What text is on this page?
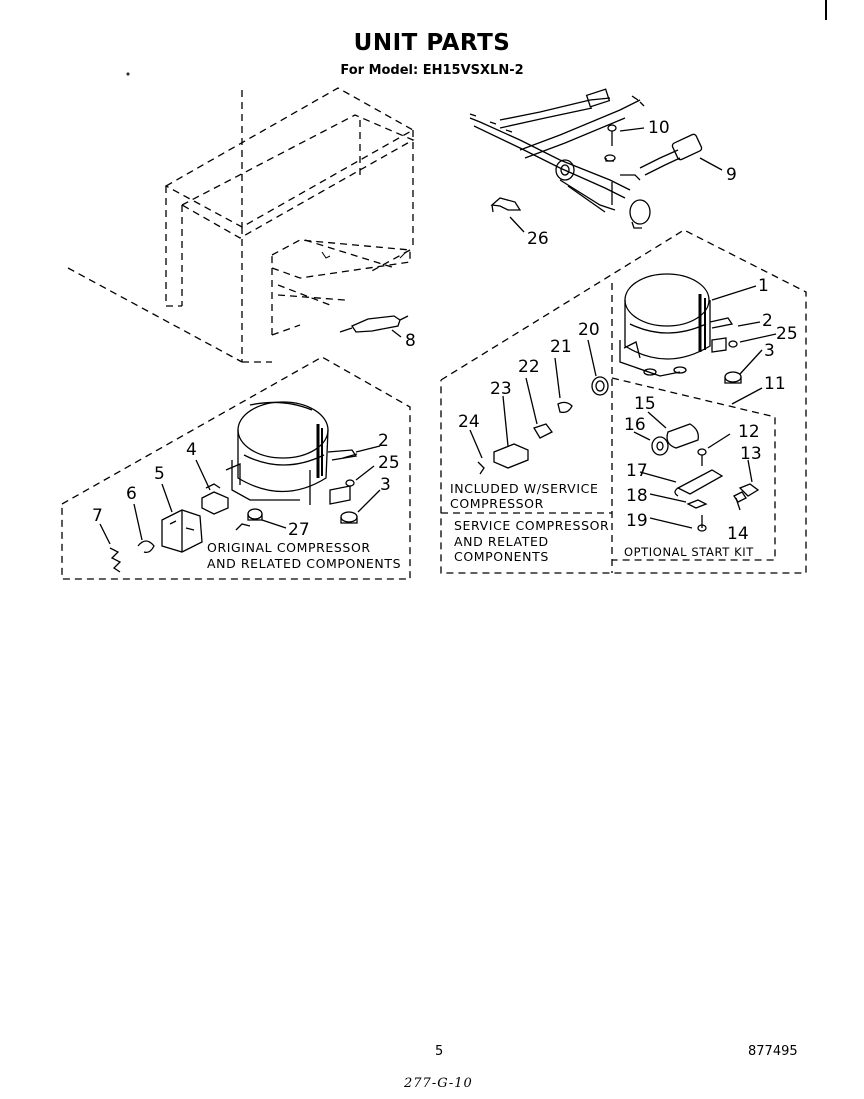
UNIT PARTS
For Model: EH15VSXLN-2
ORIGINAL COMPRESSOR
AND RELATED COMPONENTS
INCLUDED W/SERVICE
COMPRESSOR
SERVICE COMPRESSOR
AND RELATED
COMPONENTS	OPTIONAL START KIT
10
9
26
8
1
2
25
3
11
20
21
22
23
24
15
16	12
13
17
18
19
14
2
25
3
4
5
6
7
27
5	877495
277-G-10
